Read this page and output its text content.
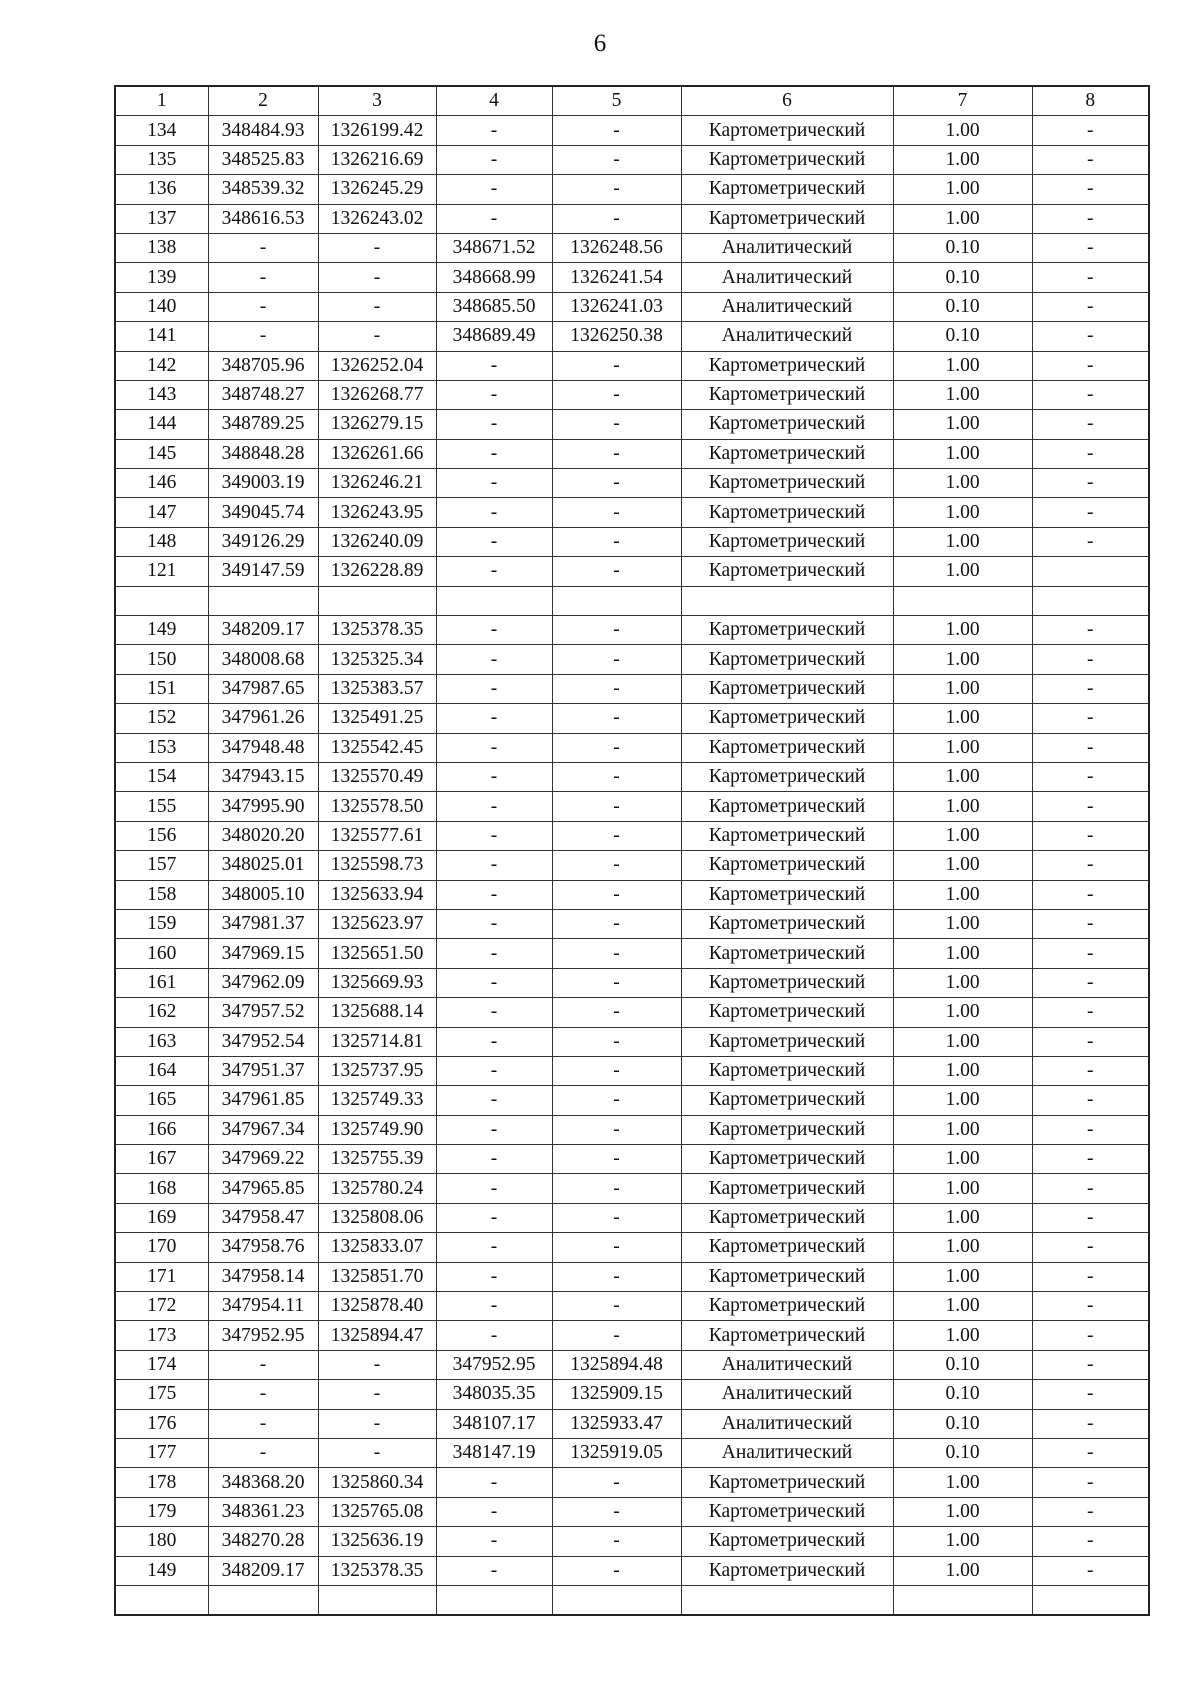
6
1	2	3	4	5	6	7	8
134	348484.93	1326199.42	-	-	Картометрический	1.00	-
135	348525.83	1326216.69	-	-	Картометрический	1.00	-
136	348539.32	1326245.29	-	-	Картометрический	1.00	-
137	348616.53	1326243.02	-	-	Картометрический	1.00	-
138	-	-	348671.52	1326248.56	Аналитический	0.10	-
139	-	-	348668.99	1326241.54	Аналитический	0.10	-
140	-	-	348685.50	1326241.03	Аналитический	0.10	-
141	-	-	348689.49	1326250.38	Аналитический	0.10	-
142	348705.96	1326252.04	-	-	Картометрический	1.00	-
143	348748.27	1326268.77	-	-	Картометрический	1.00	-
144	348789.25	1326279.15	-	-	Картометрический	1.00	-
145	348848.28	1326261.66	-	-	Картометрический	1.00	-
146	349003.19	1326246.21	-	-	Картометрический	1.00	-
147	349045.74	1326243.95	-	-	Картометрический	1.00	-
148	349126.29	1326240.09	-	-	Картометрический	1.00	-
121	349147.59	1326228.89	-	-	Картометрический	1.00	

149	348209.17	1325378.35	-	-	Картометрический	1.00	-
150	348008.68	1325325.34	-	-	Картометрический	1.00	-
151	347987.65	1325383.57	-	-	Картометрический	1.00	-
152	347961.26	1325491.25	-	-	Картометрический	1.00	-
153	347948.48	1325542.45	-	-	Картометрический	1.00	-
154	347943.15	1325570.49	-	-	Картометрический	1.00	-
155	347995.90	1325578.50	-	-	Картометрический	1.00	-
156	348020.20	1325577.61	-	-	Картометрический	1.00	-
157	348025.01	1325598.73	-	-	Картометрический	1.00	-
158	348005.10	1325633.94	-	-	Картометрический	1.00	-
159	347981.37	1325623.97	-	-	Картометрический	1.00	-
160	347969.15	1325651.50	-	-	Картометрический	1.00	-
161	347962.09	1325669.93	-	-	Картометрический	1.00	-
162	347957.52	1325688.14	-	-	Картометрический	1.00	-
163	347952.54	1325714.81	-	-	Картометрический	1.00	-
164	347951.37	1325737.95	-	-	Картометрический	1.00	-
165	347961.85	1325749.33	-	-	Картометрический	1.00	-
166	347967.34	1325749.90	-	-	Картометрический	1.00	-
167	347969.22	1325755.39	-	-	Картометрический	1.00	-
168	347965.85	1325780.24	-	-	Картометрический	1.00	-
169	347958.47	1325808.06	-	-	Картометрический	1.00	-
170	347958.76	1325833.07	-	-	Картометрический	1.00	-
171	347958.14	1325851.70	-	-	Картометрический	1.00	-
172	347954.11	1325878.40	-	-	Картометрический	1.00	-
173	347952.95	1325894.47	-	-	Картометрический	1.00	-
174	-	-	347952.95	1325894.48	Аналитический	0.10	-
175	-	-	348035.35	1325909.15	Аналитический	0.10	-
176	-	-	348107.17	1325933.47	Аналитический	0.10	-
177	-	-	348147.19	1325919.05	Аналитический	0.10	-
178	348368.20	1325860.34	-	-	Картометрический	1.00	-
179	348361.23	1325765.08	-	-	Картометрический	1.00	-
180	348270.28	1325636.19	-	-	Картометрический	1.00	-
149	348209.17	1325378.35	-	-	Картометрический	1.00	-
